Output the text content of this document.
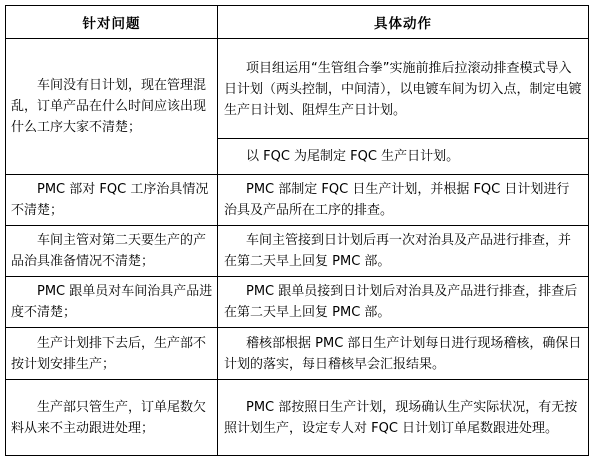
针对问题	具体动作

车间没有日计划，现在管理混乱，订单产品在什么时间应该出现什么工序大家不清楚；	项目组运用“生管组合拳”实施前推后拉滚动排查模式导入日计划（两头控制，中间清），以电镀车间为切入点，制定电镀生产日计划、阻焊生产日计划。

	以 FQC 为尾制定 FQC 生产日计划。

PMC 部对 FQC 工序治具情况不清楚；	PMC 部制定 FQC 日生产计划，并根据 FQC 日计划进行治具及产品所在工序的排查。

车间主管对第二天要生产的产品治具准备情况不清楚；	车间主管接到日计划后再一次对治具及产品进行排查，并在第二天早上回复 PMC 部。

PMC 跟单员对车间治具产品进度不清楚；	PMC 跟单员接到日计划后对治具及产品进行排查，排查后在第二天早上回复 PMC 部。

生产计划排下去后，生产部不按计划安排生产；	稽核部根据 PMC 部日生产计划每日进行现场稽核，确保日计划的落实，每日稽核早会汇报结果。

生产部只管生产，订单尾数欠料从来不主动跟进处理；	PMC 部按照日生产计划，现场确认生产实际状况，有无按照计划生产，设定专人对 FQC 日计划订单尾数跟进处理。
